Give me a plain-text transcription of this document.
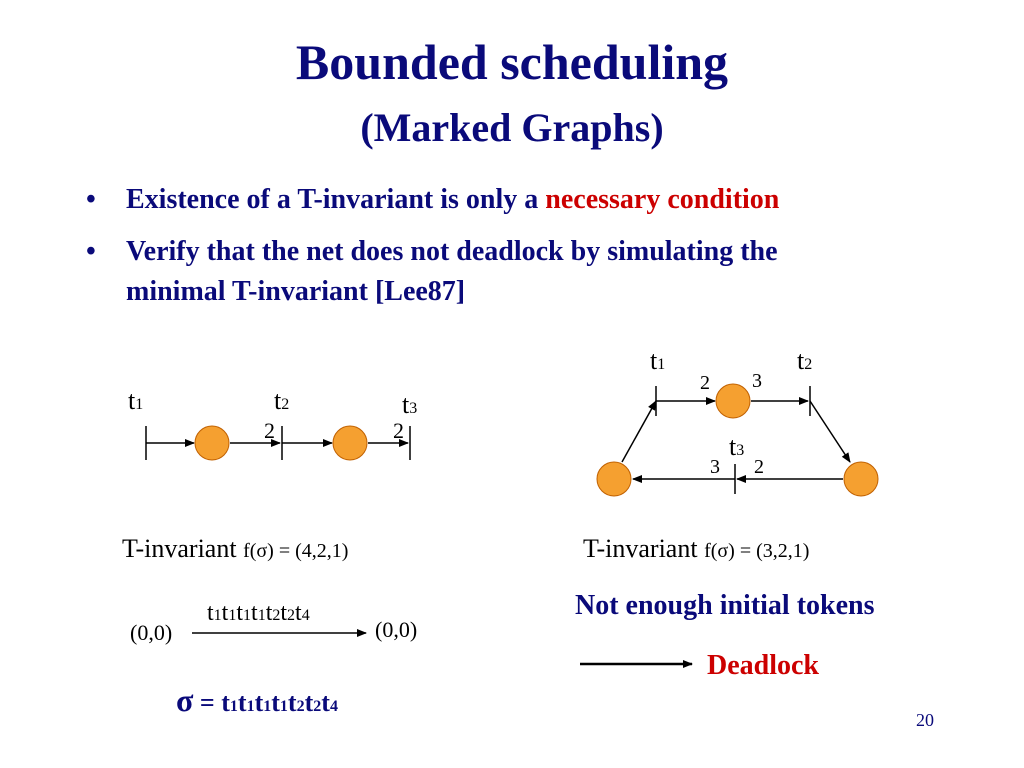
Bounded scheduling
(Marked Graphs)
• Existence of a T-invariant is only a necessary condition
• Verify that the net does not deadlock by simulating the
minimal T-invariant [Lee87]
t1	t2	t3
2	2
t1	t2
t3
2 3
3 2
T-invariant f(σ) = (4,2,1)	T-invariant f(σ) = (3,2,1)
t1t1t1t1t2t2t4
(0,0)	(0,0)
σ = t1t1t1t1t2t2t4
Not enough initial tokens
Deadlock
20
